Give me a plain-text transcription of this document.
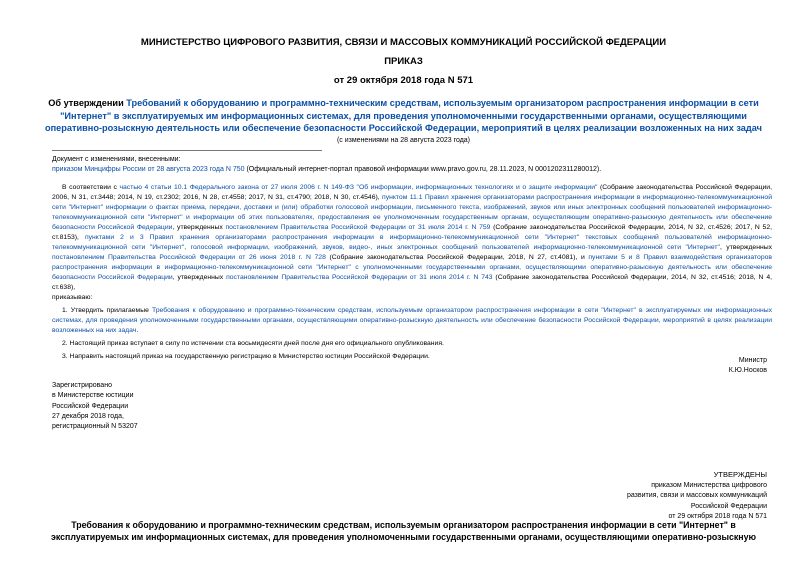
МИНИСТЕРСТВО ЦИФРОВОГО РАЗВИТИЯ, СВЯЗИ И МАССОВЫХ КОММУНИКАЦИЙ РОССИЙСКОЙ ФЕДЕРАЦИИ
ПРИКАЗ
от 29 октября 2018 года N 571
Об утверждении Требований к оборудованию и программно-техническим средствам, используемым организатором распространения информации в сети "Интернет" в эксплуатируемых им информационных системах, для проведения уполномоченными государственными органами, осуществляющими оперативно-розыскную деятельность или обеспечение безопасности Российской Федерации, мероприятий в целях реализации возложенных на них задач
(с изменениями на 28 августа 2023 года)
Документ с изменениями, внесенными:
приказом Минцифры России от 28 августа 2023 года N 750 (Официальный интернет-портал правовой информации www.pravo.gov.ru, 28.11.2023, N 0001202311280012).

В соответствии с частью 4 статьи 10.1 Федерального закона от 27 июля 2006 г. N 149-ФЗ "Об информации, информационных технологиях и о защите информации" (Собрание законодательства Российской Федерации, 2006, N 31, ст.3448; 2014, N 19, ст.2302; 2016, N 28, ст.4558; 2017, N 31, ст.4790; 2018, N 30, ст.4546), пунктом 11.1 Правил хранения организаторами распространения информации в информационно-телекоммуникационной сети "Интернет" информации о фактах приема, передачи, доставки и (или) обработки голосовой информации, письменного текста, изображений, звуков или иных электронных сообщений пользователей информационно-телекоммуникационной сети "Интернет" и информации об этих пользователях, предоставления ее уполномоченным государственным органам, осуществляющим оперативно-разыскную деятельность или обеспечение безопасности Российской Федерации, утвержденных постановлением Правительства Российской Федерации от 31 июля 2014 г. N 759 (Собрание законодательства Российской Федерации, 2014, N 32, ст.4526; 2017, N 52, ст.8153), пунктами 2 и 3 Правил хранения организаторами распространения информации в информационно-телекоммуникационной сети "Интернет" текстовых сообщений пользователей информационно-телекоммуникационной сети "Интернет", голосовой информации, изображений, звуков, видео-, иных электронных сообщений пользователей информационно-телекоммуникационной сети "Интернет", утвержденных постановлением Правительства Российской Федерации от 26 июня 2018 г. N 728 (Собрание законодательства Российской Федерации, 2018, N 27, ст.4081), и пунктами 5 и 8 Правил взаимодействия организаторов распространения информации в информационно-телекоммуникационной сети "Интернет" с уполномоченными государственными органами, осуществляющими оперативно-разыскную деятельность или обеспечение безопасности Российской Федерации, утвержденных постановлением Правительства Российской Федерации от 31 июля 2014 г. N 743 (Собрание законодательства Российской Федерации, 2014, N 32, ст.4516; 2018, N 4, ст.638),

приказываю:

1. Утвердить прилагаемые Требования к оборудованию и программно-техническим средствам, используемым организатором распространения информации в сети "Интернет" в эксплуатируемых им информационных системах, для проведения уполномоченными государственными органами, осуществляющими оперативно-розыскную деятельность или обеспечение безопасности Российской Федерации, мероприятий в целях реализации возложенных на них задач.

2. Настоящий приказ вступает в силу по истечении ста восьмидесяти дней после дня его официального опубликования.

3. Направить настоящий приказ на государственную регистрацию в Министерство юстиции Российской Федерации.

Министр
К.Ю.Носков
Зарегистрировано
в Министерстве юстиции
Российской Федерации
27 декабря 2018 года,
регистрационный N 53207
УТВЕРЖДЕНЫ
приказом Министерства цифрового
развития, связи и массовых коммуникаций
Российской Федерации
от 29 октября 2018 года N 571
Требования к оборудованию и программно-техническим средствам, используемым организатором распространения информации в сети "Интернет" в эксплуатируемых им информационных системах, для проведения уполномоченными государственными органами, осуществляющими оперативно-розыскную
